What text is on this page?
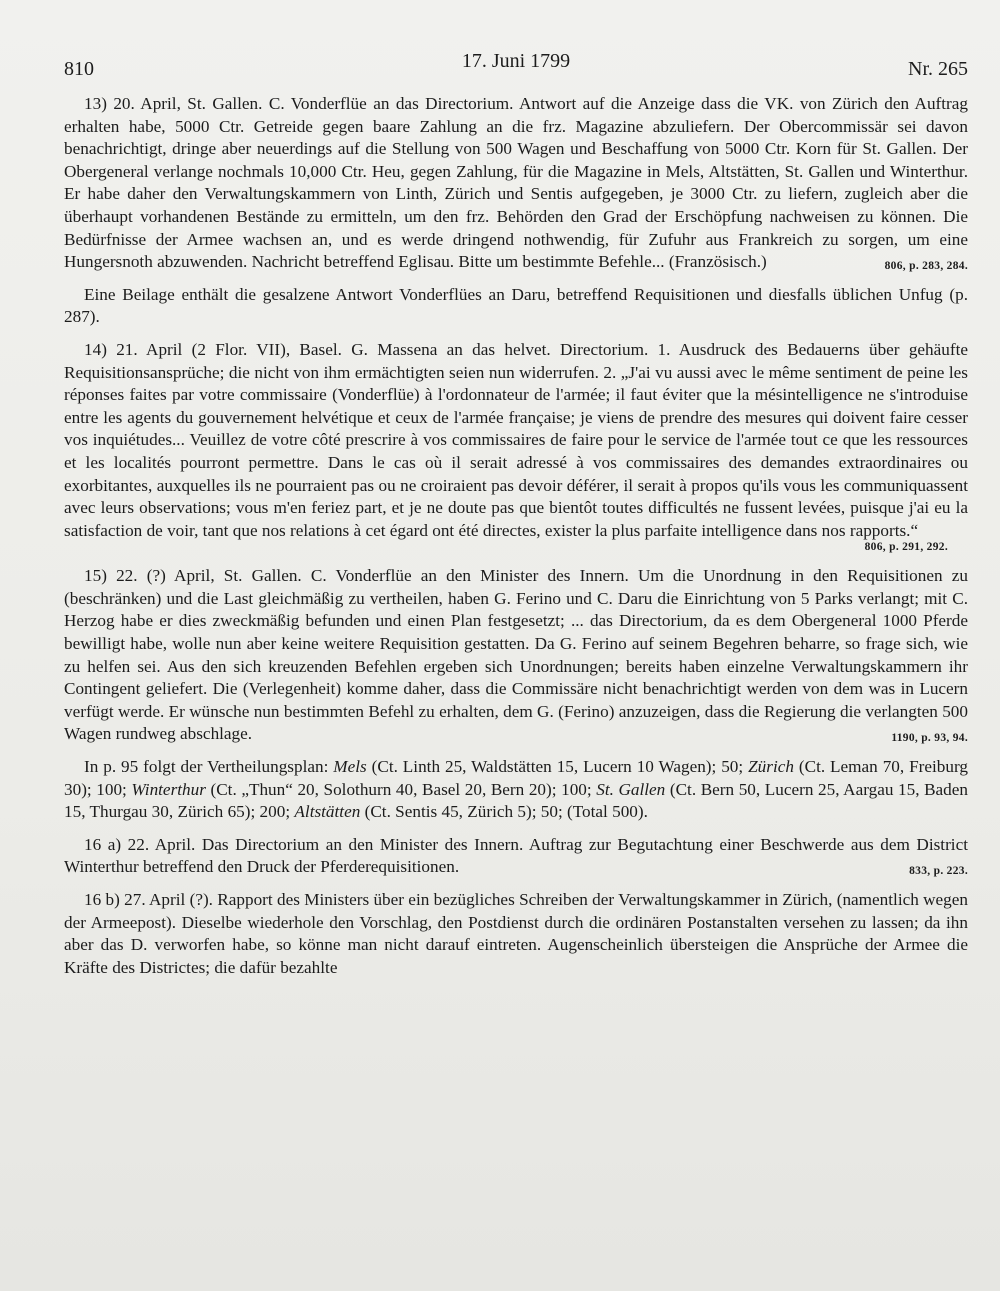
810	17. Juni 1799	Nr. 265

13) 20. April, St. Gallen. C. Vonderflüe an das Directorium. Antwort auf die Anzeige dass die VK. von Zürich den Auftrag erhalten habe, 5000 Ctr. Getreide gegen baare Zahlung an die frz. Magazine abzuliefern. Der Obercommissär sei davon benachrichtigt, dringe aber neuerdings auf die Stellung von 500 Wagen und Beschaffung von 5000 Ctr. Korn für St. Gallen. Der Obergeneral verlange nochmals 10,000 Ctr. Heu, gegen Zahlung, für die Magazine in Mels, Altstätten, St. Gallen und Winterthur. Er habe daher den Verwaltungskammern von Linth, Zürich und Sentis aufgegeben, je 3000 Ctr. zu liefern, zugleich aber die überhaupt vorhandenen Bestände zu ermitteln, um den frz. Behörden den Grad der Erschöpfung nachweisen zu können. Die Bedürfnisse der Armee wachsen an, und es werde dringend nothwendig, für Zufuhr aus Frankreich zu sorgen, um eine Hungersnoth abzuwenden. Nachricht betreffend Eglisau. Bitte um bestimmte Befehle... (Französisch.)	806, p. 283, 284.

Eine Beilage enthält die gesalzene Antwort Vonderflües an Daru, betreffend Requisitionen und diesfalls üblichen Unfug (p. 287).

14) 21. April (2 Flor. VII), Basel. G. Massena an das helvet. Directorium. 1. Ausdruck des Bedauerns über gehäufte Requisitionsansprüche; die nicht von ihm ermächtigten seien nun widerrufen. 2. „J'ai vu aussi avec le même sentiment de peine les réponses faites par votre commissaire (Vonderflüe) à l'ordonnateur de l'armée; il faut éviter que la mésintelligence ne s'introduise entre les agents du gouvernement helvétique et ceux de l'armée française; je viens de prendre des mesures qui doivent faire cesser vos inquiétudes... Veuillez de votre côté prescrire à vos commissaires de faire pour le service de l'armée tout ce que les ressources et les localités pourront permettre. Dans le cas où il serait adressé à vos commissaires des demandes extraordinaires ou exorbitantes, auxquelles ils ne pourraient pas ou ne croiraient pas devoir déférer, il serait à propos qu'ils vous les communiquassent avec leurs observations; vous m'en feriez part, et je ne doute pas que bientôt toutes difficultés ne fussent levées, puisque j'ai eu la satisfaction de voir, tant que nos relations à cet égard ont été directes, exister la plus parfaite intelligence dans nos rapports.“

806, p. 291, 292.

15) 22. (?) April, St. Gallen. C. Vonderflüe an den Minister des Innern. Um die Unordnung in den Requisitionen zu (beschränken) und die Last gleichmäßig zu vertheilen, haben G. Ferino und C. Daru die Einrichtung von 5 Parks verlangt; mit C. Herzog habe er dies zweckmäßig befunden und einen Plan festgesetzt; ... das Directorium, da es dem Obergeneral 1000 Pferde bewilligt habe, wolle nun aber keine weitere Requisition gestatten. Da G. Ferino auf seinem Begehren beharre, so frage sich, wie zu helfen sei. Aus den sich kreuzenden Befehlen ergeben sich Unordnungen; bereits haben einzelne Verwaltungskammern ihr Contingent geliefert. Die (Verlegenheit) komme daher, dass die Commissäre nicht benachrichtigt werden von dem was in Lucern verfügt werde. Er wünsche nun bestimmten Befehl zu erhalten, dem G. (Ferino) anzuzeigen, dass die Regierung die verlangten 500 Wagen rundweg abschlage.	1190, p. 93, 94.

In p. 95 folgt der Vertheilungsplan: Mels (Ct. Linth 25, Waldstätten 15, Lucern 10 Wagen); 50; Zürich (Ct. Leman 70, Freiburg 30); 100; Winterthur (Ct. „Thun“ 20, Solothurn 40, Basel 20, Bern 20); 100; St. Gallen (Ct. Bern 50, Lucern 25, Aargau 15, Baden 15, Thurgau 30, Zürich 65); 200; Altstätten (Ct. Sentis 45, Zürich 5); 50; (Total 500).

16 a) 22. April. Das Directorium an den Minister des Innern. Auftrag zur Begutachtung einer Beschwerde aus dem District Winterthur betreffend den Druck der Pferderequisitionen.	833, p. 223.

16 b) 27. April (?). Rapport des Ministers über ein bezügliches Schreiben der Verwaltungskammer in Zürich, (namentlich wegen der Armeepost). Dieselbe wiederhole den Vorschlag, den Postdienst durch die ordinären Postanstalten versehen zu lassen; da ihn aber das D. verworfen habe, so könne man nicht darauf eintreten. Augenscheinlich übersteigen die Ansprüche der Armee die Kräfte des Districtes; die dafür bezahlte
